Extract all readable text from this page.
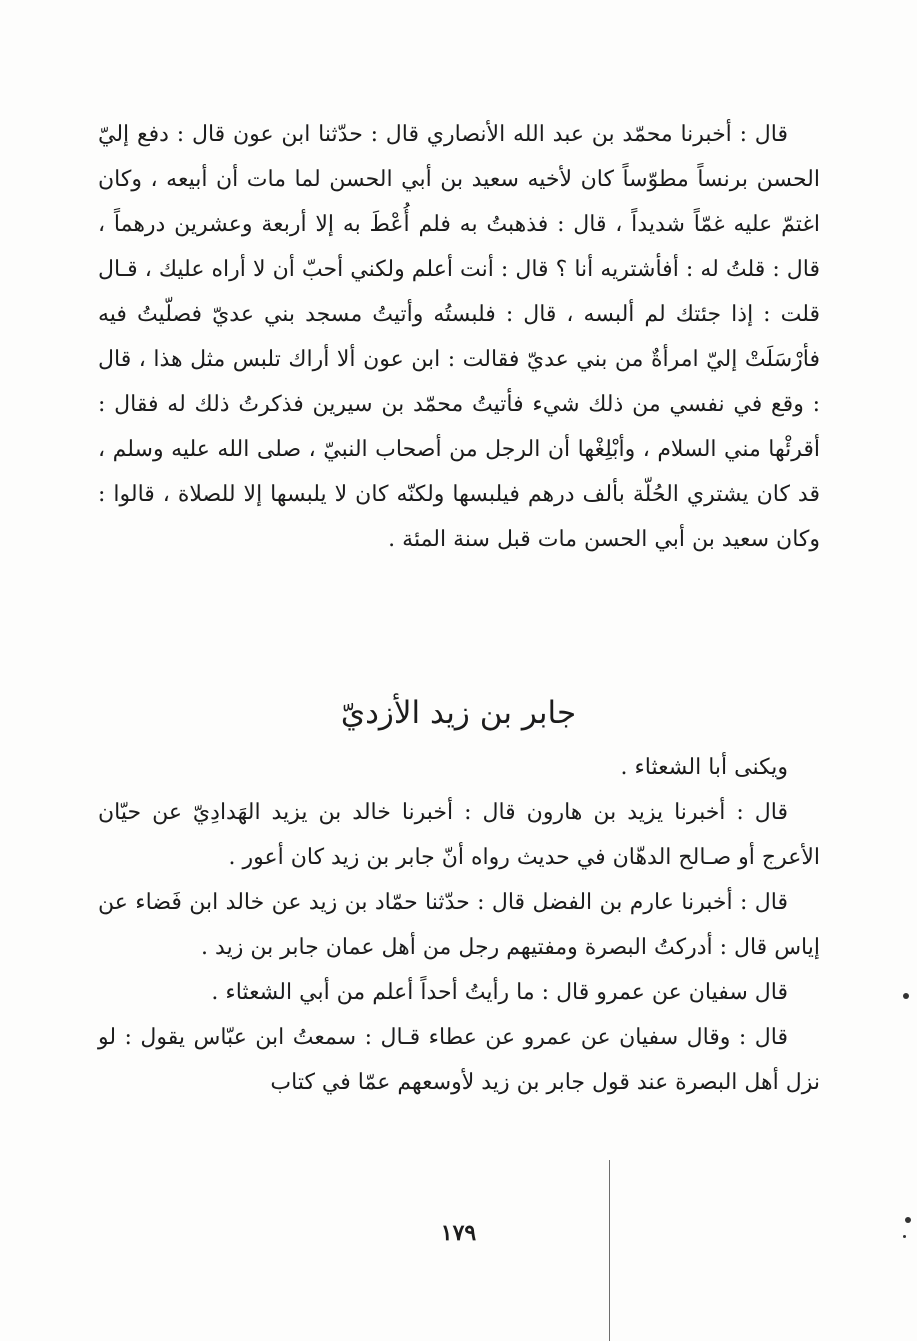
قال : أخبرنا محمّد بن عبد الله الأنصاري قال : حدّثنا ابن عون قال : دفع إليّ الحسن برنساً مطوّساً كان لأخيه سعيد بن أبي الحسن لما مات أن أبيعه ، وكان اغتمّ عليه غمّاً شديداً ، قال : فذهبتُ به فلم أُعْطَ به إلا أربعة وعشرين درهماً ، قال : قلتُ له : أفأشتريه أنا ؟ قال : أنت أعلم ولكني أحبّ أن لا أراه عليك ، قـال قلت : إذا جئتك لم ألبسه ، قال : فلبستُه وأتيتُ مسجد بني عديّ فصلّيتُ فيه فأرْسَلَتْ إليّ امرأةٌ من بني عديّ فقالت : ابن عون ألا أراك تلبس مثل هذا ، قال : وقع في نفسي من ذلك شيء فأتيتُ محمّد بن سيرين فذكرتُ ذلك له فقال : أقرئْها مني السلام ، وأبْلِغْها أن الرجل من أصحاب النبيّ ، صلى الله عليه وسلم ، قد كان يشتري الحُلّة بألف درهم فيلبسها ولكنّه كان لا يلبسها إلا للصلاة ، قالوا : وكان سعيد بن أبي الحسن مات قبل سنة المئة .

جابر بن زيد الأزديّ

ويكنى أبا الشعثاء .

قال : أخبرنا يزيد بن هارون قال : أخبرنا خالد بن يزيد الهَدادِيّ عن حيّان الأعرج أو صـالح الدهّان في حديث رواه أنّ جابر بن زيد كان أعور .

قال : أخبرنا عارم بن الفضل قال : حدّثنا حمّاد بن زيد عن خالد ابن فَضاء عن إياس قال : أدركتُ البصرة ومفتيهم رجل من أهل عمان جابر بن زيد .

قال سفيان عن عمرو قال : ما رأيتُ أحداً أعلم من أبي الشعثاء .

قال : وقال سفيان عن عمرو عن عطاء قـال : سمعتُ ابن عبّاس يقول : لو نزل أهل البصرة عند قول جابر بن زيد لأوسعهم عمّا في كتاب

١٧٩
